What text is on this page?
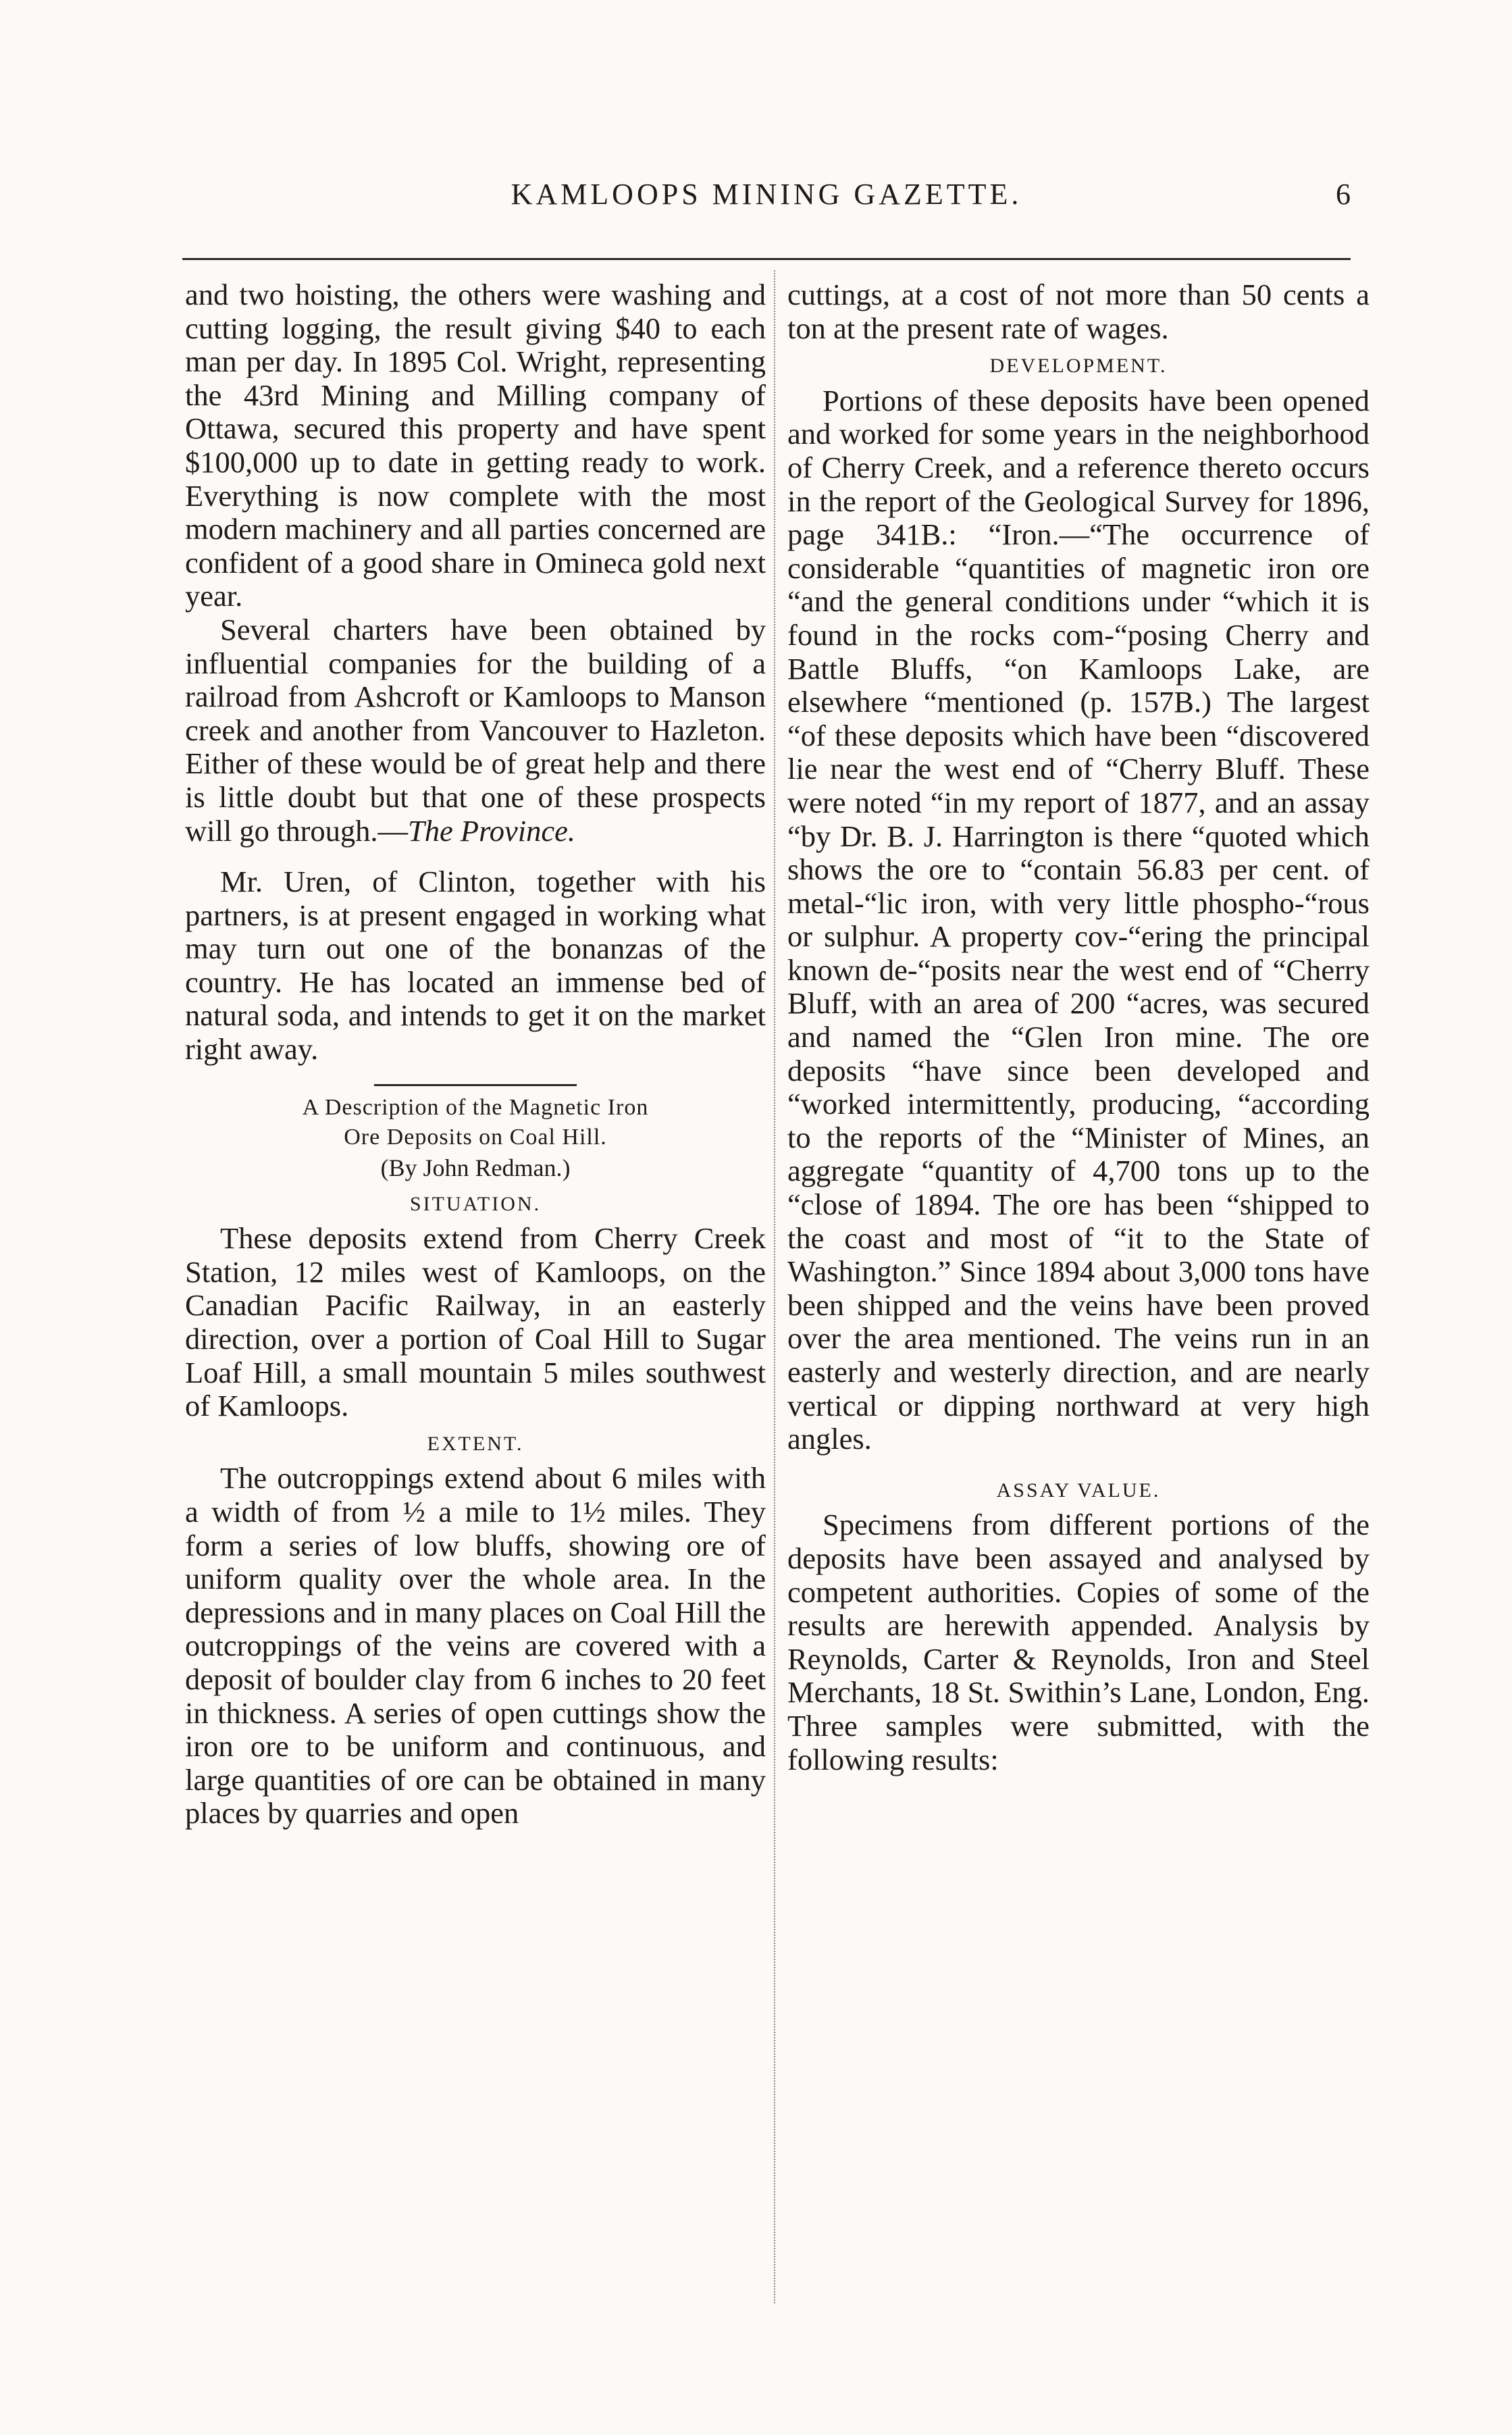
KAMLOOPS MINING GAZETTE.	6

and two hoisting, the others were washing and cutting logging, the result giving $40 to each man per day. In 1895 Col. Wright, representing the 43rd Mining and Milling company of Ottawa, secured this property and have spent $100,000 up to date in getting ready to work. Everything is now complete with the most modern machinery and all parties concerned are confident of a good share in Omineca gold next year.

Several charters have been obtained by influential companies for the building of a railroad from Ashcroft or Kamloops to Manson creek and another from Vancouver to Hazleton. Either of these would be of great help and there is little doubt but that one of these prospects will go through.—The Province.

Mr. Uren, of Clinton, together with his partners, is at present engaged in working what may turn out one of the bonanzas of the country. He has located an immense bed of natural soda, and intends to get it on the market right away.

A Description of the Magnetic Iron
Ore Deposits on Coal Hill.
(By John Redman.)
SITUATION.

These deposits extend from Cherry Creek Station, 12 miles west of Kamloops, on the Canadian Pacific Railway, in an easterly direction, over a portion of Coal Hill to Sugar Loaf Hill, a small mountain 5 miles southwest of Kamloops.

EXTENT.

The outcroppings extend about 6 miles with a width of from ½ a mile to 1½ miles. They form a series of low bluffs, showing ore of uniform quality over the whole area. In the depressions and in many places on Coal Hill the outcroppings of the veins are covered with a deposit of boulder clay from 6 inches to 20 feet in thickness. A series of open cuttings show the iron ore to be uniform and continuous, and large quantities of ore can be obtained in many places by quarries and open

cuttings, at a cost of not more than 50 cents a ton at the present rate of wages.

DEVELOPMENT.

Portions of these deposits have been opened and worked for some years in the neighborhood of Cherry Creek, and a reference thereto occurs in the report of the Geological Survey for 1896, page 341B.: “Iron.—“The occurrence of considerable “quantities of magnetic iron ore “and the general conditions under “which it is found in the rocks com-“posing Cherry and Battle Bluffs, “on Kamloops Lake, are elsewhere “mentioned (p. 157B.) The largest “of these deposits which have been “discovered lie near the west end of “Cherry Bluff. These were noted “in my report of 1877, and an assay “by Dr. B. J. Harrington is there “quoted which shows the ore to “contain 56.83 per cent. of metal-“lic iron, with very little phospho-“rous or sulphur. A property cov-“ering the principal known de-“posits near the west end of “Cherry Bluff, with an area of 200 “acres, was secured and named the “Glen Iron mine. The ore deposits “have since been developed and “worked intermittently, producing, “according to the reports of the “Minister of Mines, an aggregate “quantity of 4,700 tons up to the “close of 1894. The ore has been “shipped to the coast and most of “it to the State of Washington.” Since 1894 about 3,000 tons have been shipped and the veins have been proved over the area mentioned. The veins run in an easterly and westerly direction, and are nearly vertical or dipping northward at very high angles.

ASSAY VALUE.

Specimens from different portions of the deposits have been assayed and analysed by competent authorities. Copies of some of the results are herewith appended. Analysis by Reynolds, Carter & Reynolds, Iron and Steel Merchants, 18 St. Swithin’s Lane, London, Eng. Three samples were submitted, with the following results:
